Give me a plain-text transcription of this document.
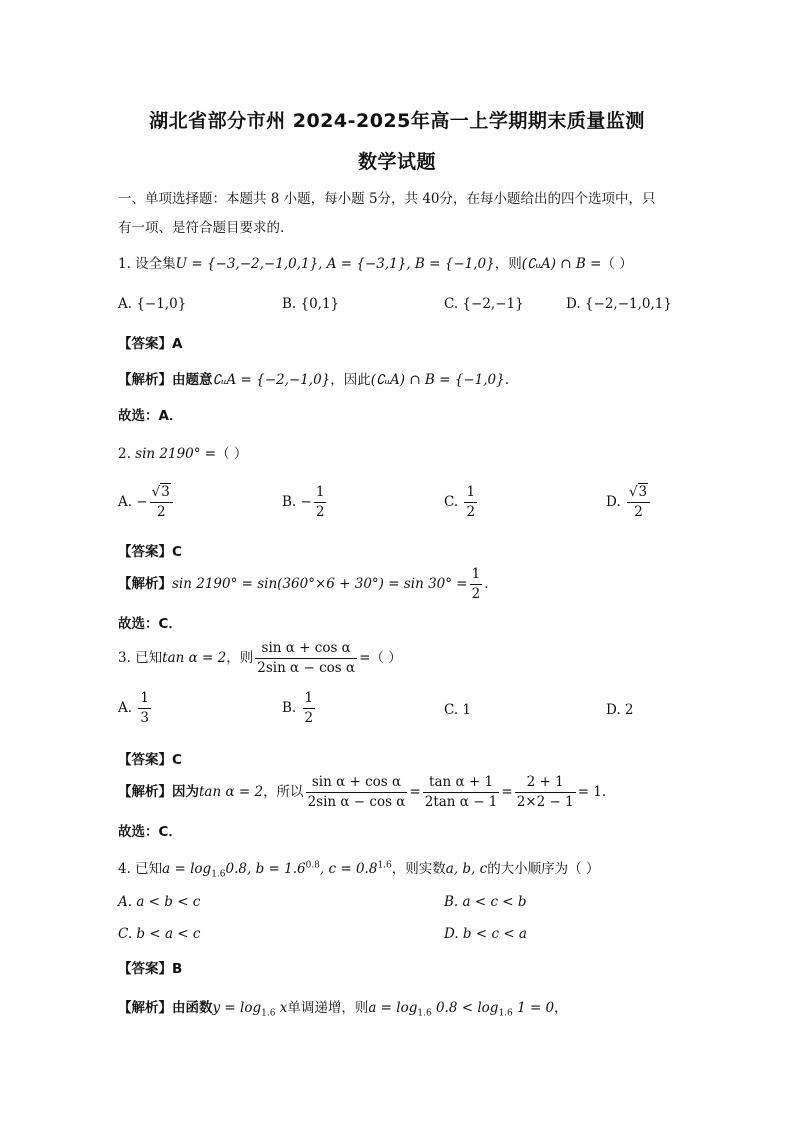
湖北省部分市州 2024-2025年高一上学期期末质量监测
数学试题
一、单项选择题：本题共 8 小题，每小题 5分，共 40分，在每小题给出的四个选项中，只
有一项、是符合题目要求的.
1. 设全集U = {−3,−2,−1,0,1}, A = {−3,1}, B = {−1,0}，则(∁ᵤA) ∩ B =（ ）
A. {−1,0}	B. {0,1}	C. {−2,−1}	D. {−2,−1,0,1}
【答案】A
【解析】由题意∁ᵤA = {−2,−1,0}，因此(∁ᵤA) ∩ B = {−1,0}.
故选：A．
2. sin 2190° =（ ）
A. − $\frac{√3}{2}$	B. − $\frac{1}{2}$	C. $\frac{1}{2}$	D. $\frac{√3}{2}$
【答案】C
【解析】$\sin 2190^\circ = \sin(360^\circ\times 6 + 30^\circ) = \sin 30^\circ = \frac{1}{2}$ .
故选：C．
3. 已知tan α = 2，则 $\frac{\text{sin α + cos α}}{\text{2sin α − cos α}}$ =（ ）
A. $\frac{1}{3}$	B. $\frac{1}{2}$	C. 1	D. 2
【答案】C
【解析】因为tan α = 2，所以 $\frac{\text{sin α + cos α}}{\text{2sin α − cos α}} = \frac{\text{tan α + 1}}{\text{2tan α − 1}} = \frac{2 + 1}{2\times 2 - 1} = 1$.
故选：C．
4. 已知$a = \log_{1.6}0.8$, $b = 1.6^{0.8}$, $c = 0.8^{1.6}$，则实数a, b, c的大小顺序为（ ）
A. a < b < c	B. a < c < b
C. b < a < c	D. b < c < a
【答案】B
【解析】由函数$y = \log_{1.6} x$单调递增，则$a = \log_{1.6} 0.8 < \log_{1.6} 1 = 0$，
